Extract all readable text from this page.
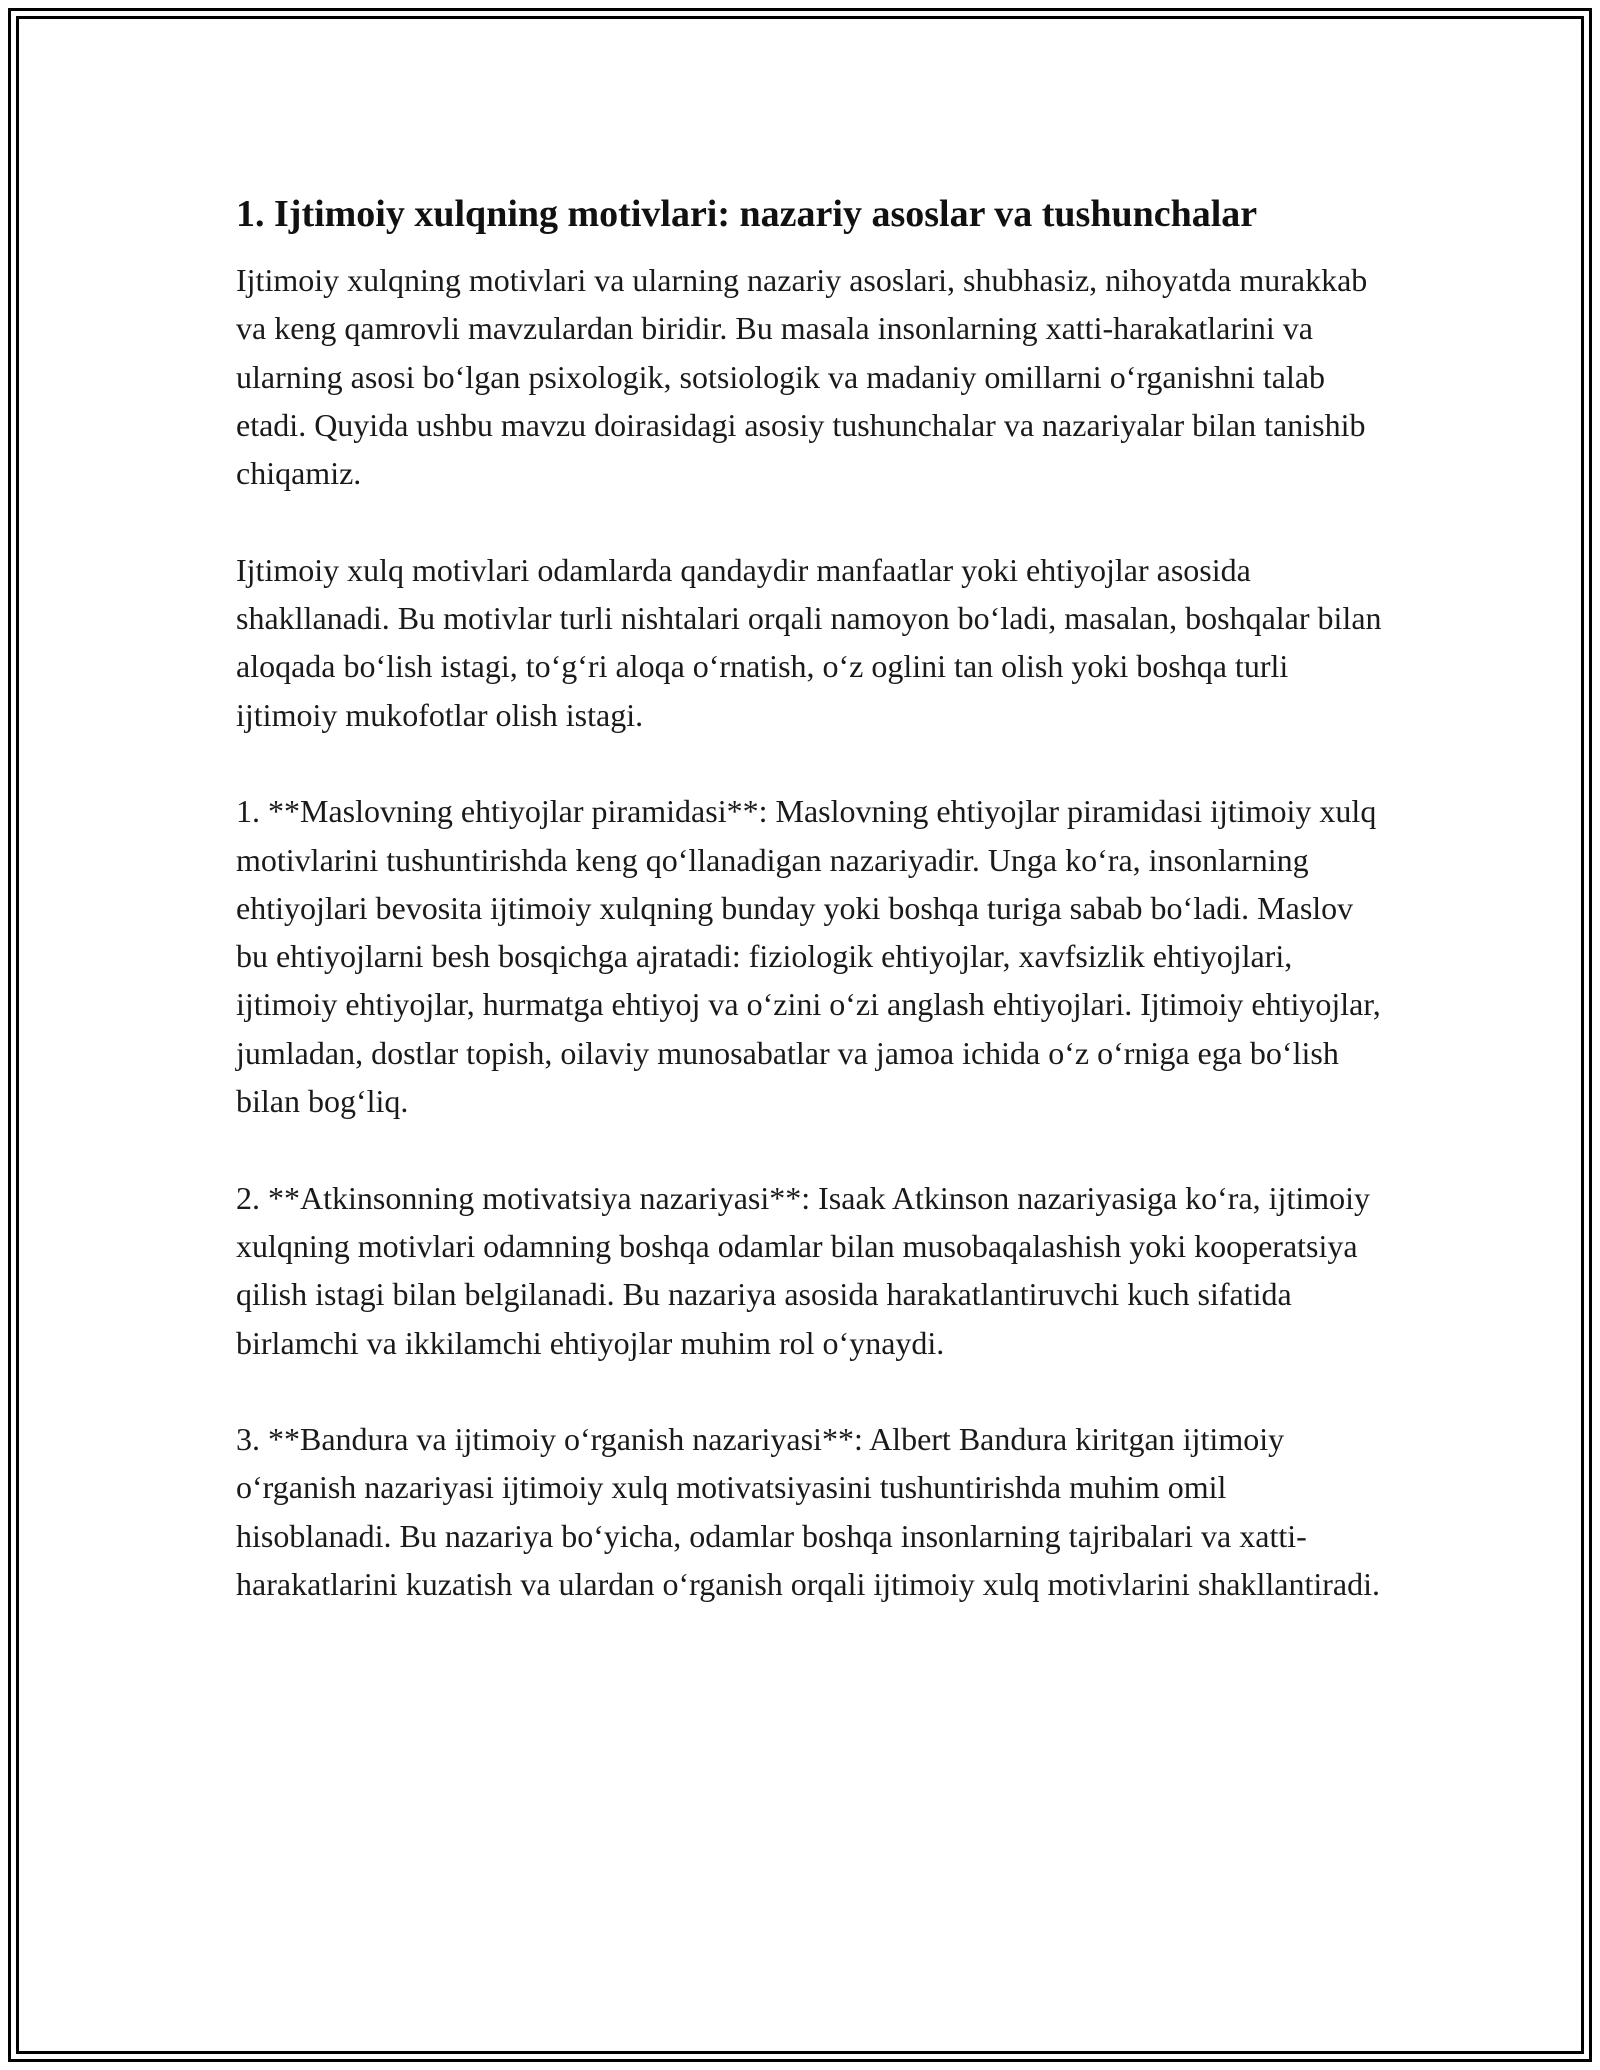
1. Ijtimoiy xulqning motivlari: nazariy asoslar va tushunchalar

Ijtimoiy xulqning motivlari va ularning nazariy asoslari, shubhasiz, nihoyatda murakkab va keng qamrovli mavzulardan biridir. Bu masala insonlarning xatti-harakatlarini va ularning asosi bo‘lgan psixologik, sotsiologik va madaniy omillarni o‘rganishni talab etadi. Quyida ushbu mavzu doirasidagi asosiy tushunchalar va nazariyalar bilan tanishib chiqamiz.

Ijtimoiy xulq motivlari odamlarda qandaydir manfaatlar yoki ehtiyojlar asosida shakllanadi. Bu motivlar turli nishtalari orqali namoyon bo‘ladi, masalan, boshqalar bilan aloqada bo‘lish istagi, to‘g‘ri aloqa o‘rnatish, o‘z oglini tan olish yoki boshqa turli ijtimoiy mukofotlar olish istagi.

1. **Maslovning ehtiyojlar piramidasi**: Maslovning ehtiyojlar piramidasi ijtimoiy xulq motivlarini tushuntirishda keng qo‘llanadigan nazariyadir. Unga ko‘ra, insonlarning ehtiyojlari bevosita ijtimoiy xulqning bunday yoki boshqa turiga sabab bo‘ladi. Maslov bu ehtiyojlarni besh bosqichga ajratadi: fiziologik ehtiyojlar, xavfsizlik ehtiyojlari, ijtimoiy ehtiyojlar, hurmatga ehtiyoj va o‘zini o‘zi anglash ehtiyojlari. Ijtimoiy ehtiyojlar, jumladan, dostlar topish, oilaviy munosabatlar va jamoa ichida o‘z o‘rniga ega bo‘lish bilan bog‘liq.

2. **Atkinsonning motivatsiya nazariyasi**: Isaak Atkinson nazariyasiga ko‘ra, ijtimoiy xulqning motivlari odamning boshqa odamlar bilan musobaqalashish yoki kooperatsiya qilish istagi bilan belgilanadi. Bu nazariya asosida harakatlantiruvchi kuch sifatida birlamchi va ikkilamchi ehtiyojlar muhim rol o‘ynaydi.

3. **Bandura va ijtimoiy o‘rganish nazariyasi**: Albert Bandura kiritgan ijtimoiy o‘rganish nazariyasi ijtimoiy xulq motivatsiyasini tushuntirishda muhim omil hisoblanadi. Bu nazariya bo‘yicha, odamlar boshqa insonlarning tajribalari va xatti-harakatlarini kuzatish va ulardan o‘rganish orqali ijtimoiy xulq motivlarini shakllantiradi.
